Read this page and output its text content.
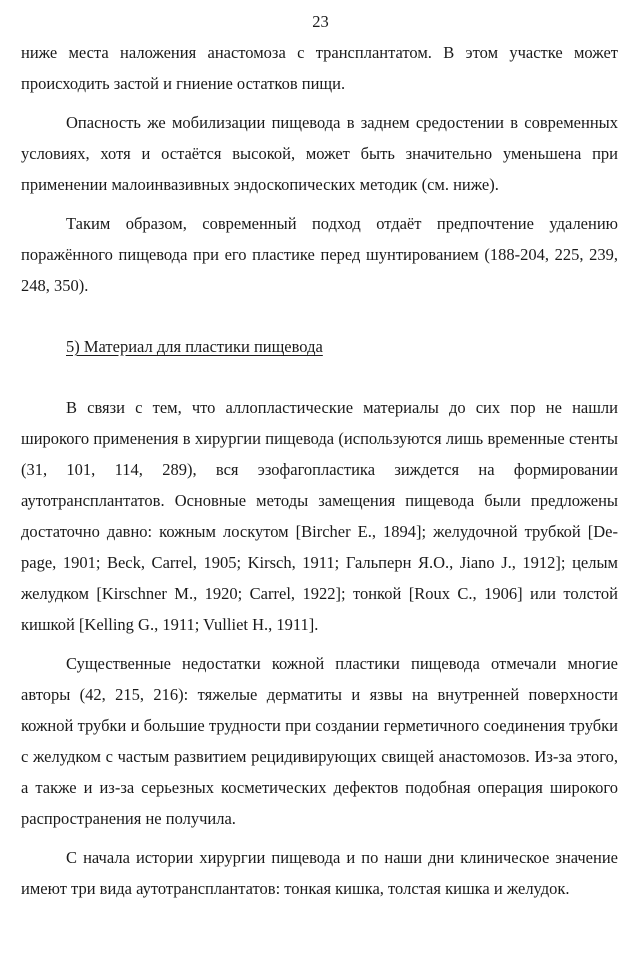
23

ниже места наложения анастомоза с трансплантатом. В этом участке может происходить застой и гниение остатков пищи.

Опасность же мобилизации пищевода в заднем средостении в современных условиях, хотя и остаётся высокой, может быть значительно уменьшена при применении малоинвазивных эндоскопических методик (см. ниже).

Таким образом, современный подход отдаёт предпочтение удалению поражённого пищевода при его пластике перед шунтированием (188-204, 225, 239, 248, 350).

5) Материал для пластики пищевода

В связи с тем, что аллопластические материалы до сих пор не нашли широкого применения в хирургии пищевода (используются лишь временные стенты (31, 101, 114, 289), вся эзофагопластика зиждется на формировании аутотрансплантатов. Основные методы замещения пищевода были предложены достаточно давно: кожным лоскутом [Bircher E., 1894]; желудочной трубкой [De-page, 1901; Beck, Carrel, 1905; Kirsch, 1911; Гальперн Я.О., Jiano J., 1912]; целым желудком [Kirschner M., 1920; Carrel, 1922]; тонкой [Roux C., 1906] или толстой кишкой [Kelling G., 1911; Vulliet H., 1911].

Существенные недостатки кожной пластики пищевода отмечали многие авторы (42, 215, 216): тяжелые дерматиты и язвы на внутренней поверхности кожной трубки и большие трудности при создании герметичного соединения трубки с желудком с частым развитием рецидивирующих свищей анастомозов. Из-за этого, а также и из-за серьезных косметических дефектов подобная операция широкого распространения не получила.

С начала истории хирургии пищевода и по наши дни клиническое значение имеют три вида аутотрансплантатов: тонкая кишка, толстая кишка и желудок.
